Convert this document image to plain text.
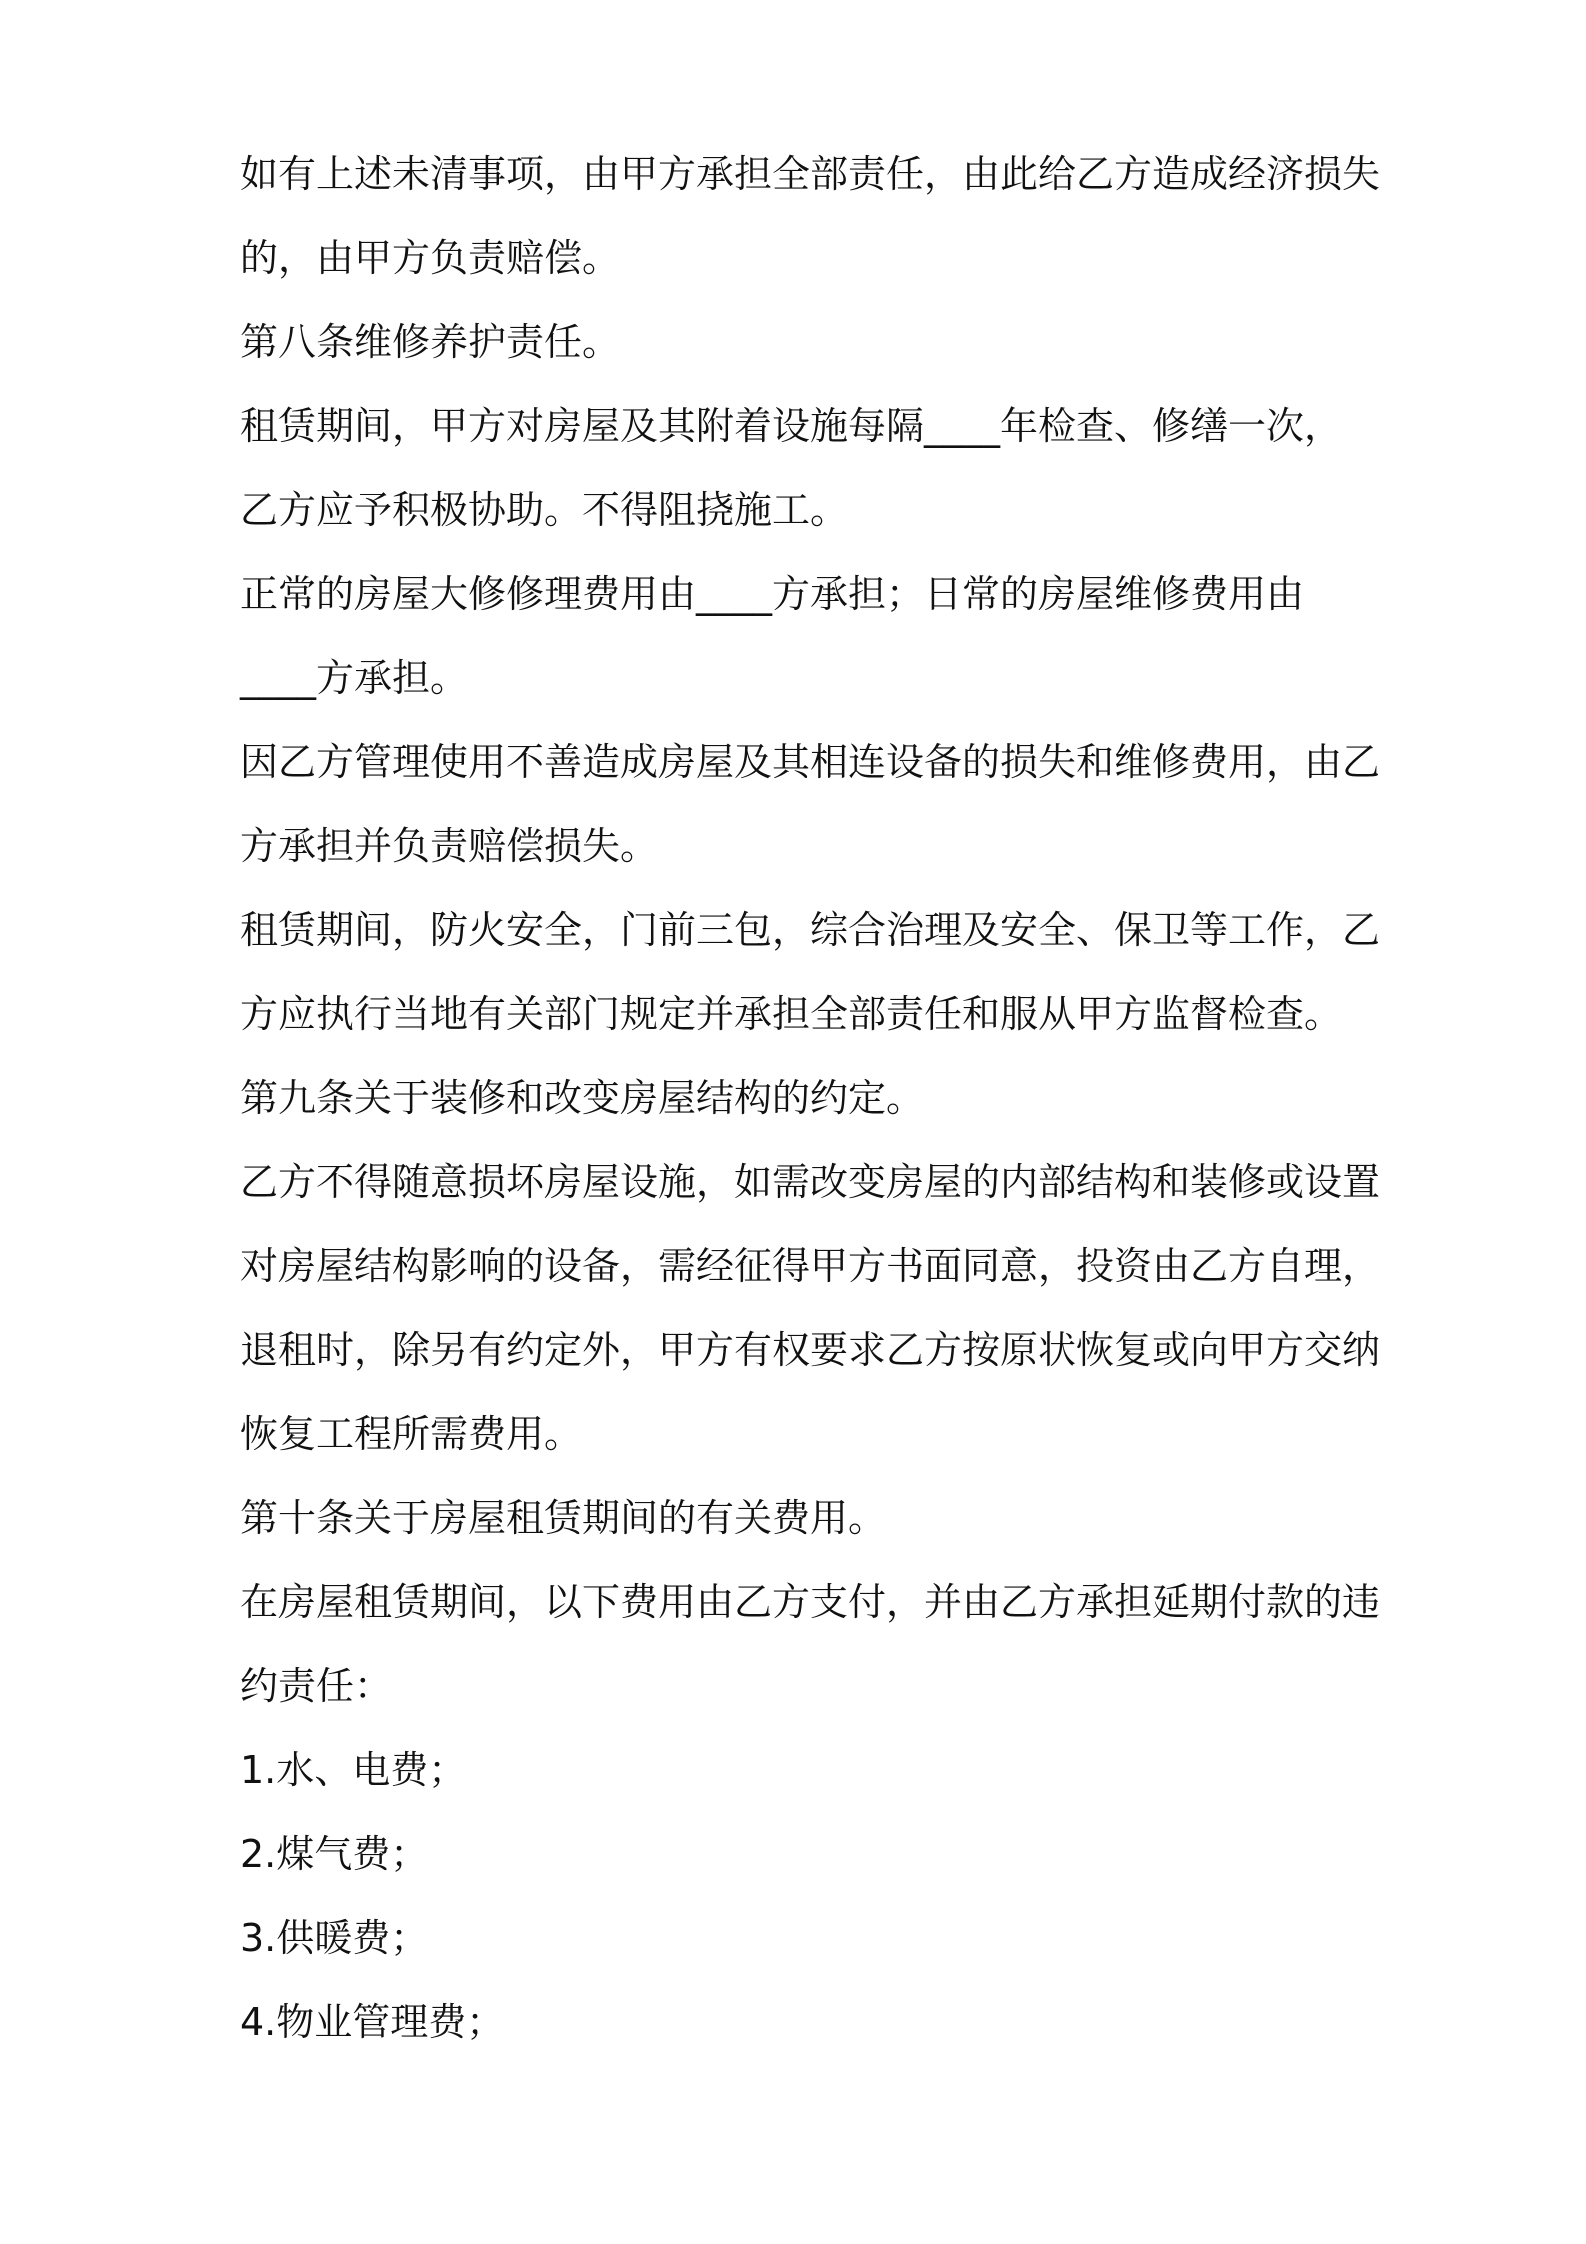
如有上述未清事项，由甲方承担全部责任，由此给乙方造成经济损失
的，由甲方负责赔偿。
第八条维修养护责任。
租赁期间，甲方对房屋及其附着设施每隔____年检查、修缮一次，
乙方应予积极协助。不得阻挠施工。
正常的房屋大修修理费用由____方承担；日常的房屋维修费用由
____方承担。
因乙方管理使用不善造成房屋及其相连设备的损失和维修费用，由乙
方承担并负责赔偿损失。
租赁期间，防火安全，门前三包，综合治理及安全、保卫等工作，乙
方应执行当地有关部门规定并承担全部责任和服从甲方监督检查。
第九条关于装修和改变房屋结构的约定。
乙方不得随意损坏房屋设施，如需改变房屋的内部结构和装修或设置
对房屋结构影响的设备，需经征得甲方书面同意，投资由乙方自理，
退租时，除另有约定外，甲方有权要求乙方按原状恢复或向甲方交纳
恢复工程所需费用。
第十条关于房屋租赁期间的有关费用。
在房屋租赁期间，以下费用由乙方支付，并由乙方承担延期付款的违
约责任：
1.水、电费；
2.煤气费；
3.供暖费；
4.物业管理费；
